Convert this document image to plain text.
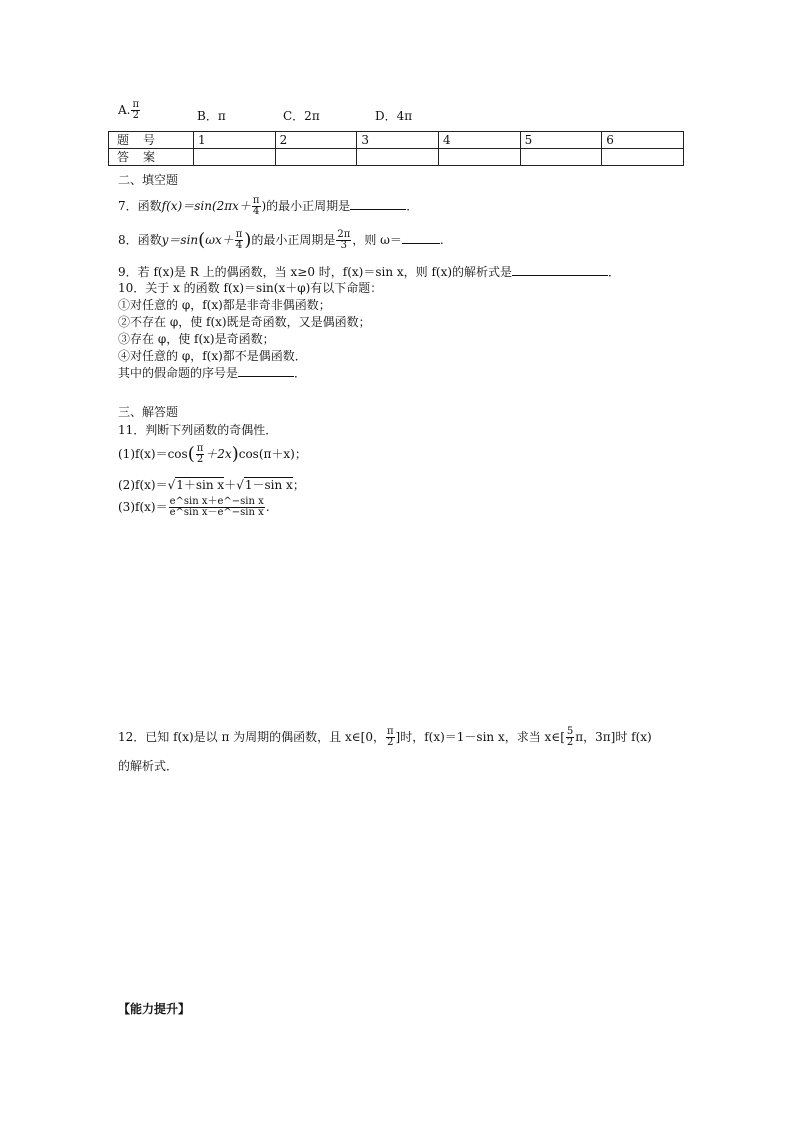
A. $\frac{\pi}{2}$	B．π	C．2π	D．4π
题号	1	2	3	4	5	6
答案						
二、填空题
7．函数$f(x)=\sin(2\pi x+ \frac{\pi}{4}$ )的最小正周期是	．
8．函数$y=\sin(\omega x+ \frac{\pi}{4}$ )的最小正周期是 $\frac{2\pi}{3}$ ，则 ω＝	.
9．若 f(x)是 R 上的偶函数，当 x≥0 时，f(x)＝sin x，则 f(x)的解析式是	．
10．关于 x 的函数 f(x)＝sin(x＋φ)有以下命题：
①对任意的 φ，f(x)都是非奇非偶函数；
②不存在 φ，使 f(x)既是奇函数，又是偶函数；
③存在 φ，使 f(x)是奇函数；
④对任意的 φ，f(x)都不是偶函数．
其中的假命题的序号是	．
三、解答题
11．判断下列函数的奇偶性．
$(1)f(x)=\cos( \frac{\pi}{2} +2x)\cos(\pi+x)$；
(2)f(x)＝√1＋sin x＋√1－sin x；
$(3)f(x)= \frac{\text{e\textasciicircum{}sin x＋e\textasciicircum{}−sin x}}{\text{e\textasciicircum{}sin x－e\textasciicircum{}−sin x}}$ .
12．已知 f(x)是以 π 为周期的偶函数，且 x∈[0， $\frac{\pi}{2}$ ]时，f(x)＝1－sin x，求当 x∈[ $\frac{5}{2}$ π，3π]时 f(x)
的解析式．
【能力提升】
